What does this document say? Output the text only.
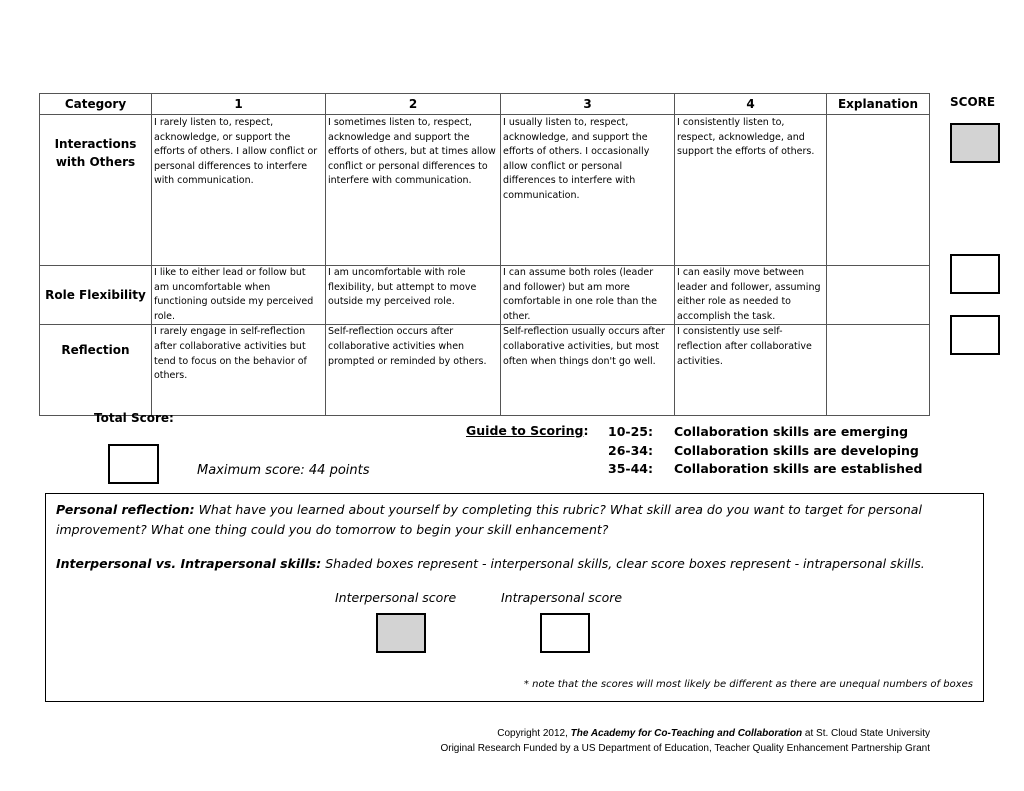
Category	1	2	3	4	Explanation
Interactions with Others	I rarely listen to, respect, acknowledge, or support the efforts of others. I allow conflict or personal differences to interfere with communication.	I sometimes listen to, respect, acknowledge and support the efforts of others, but at times allow conflict or personal differences to interfere with communication.	I usually listen to, respect, acknowledge, and support the efforts of others. I occasionally allow conflict or personal differences to interfere with communication.	I consistently listen to, respect, acknowledge, and support the efforts of others.	
Role Flexibility	I like to either lead or follow but am uncomfortable when functioning outside my perceived role.	I am uncomfortable with role flexibility, but attempt to move outside my perceived role.	I can assume both roles (leader and follower) but am more comfortable in one role than the other.	I can easily move between leader and follower, assuming either role as needed to accomplish the task.	
Reflection	I rarely engage in self-reflection after collaborative activities but tend to focus on the behavior of others.	Self-reflection occurs after collaborative activities when prompted or reminded by others.	Self-reflection usually occurs after collaborative activities, but most often when things don't go well.	I consistently use self-reflection after collaborative activities.	
SCORE
Total Score:
Maximum score: 44 points
Guide to Scoring: 10-25: Collaboration skills are emerging
26-34: Collaboration skills are developing
35-44: Collaboration skills are established

Personal reflection: What have you learned about yourself by completing this rubric? What skill area do you want to target for personal improvement? What one thing could you do tomorrow to begin your skill enhancement?

Interpersonal vs. Intrapersonal skills: Shaded boxes represent - interpersonal skills, clear score boxes represent - intrapersonal skills.

Interpersonal score	Intrapersonal score
* note that the scores will most likely be different as there are unequal numbers of boxes
Copyright 2012, The Academy for Co-Teaching and Collaboration at St. Cloud State University
Original Research Funded by a US Department of Education, Teacher Quality Enhancement Partnership Grant
